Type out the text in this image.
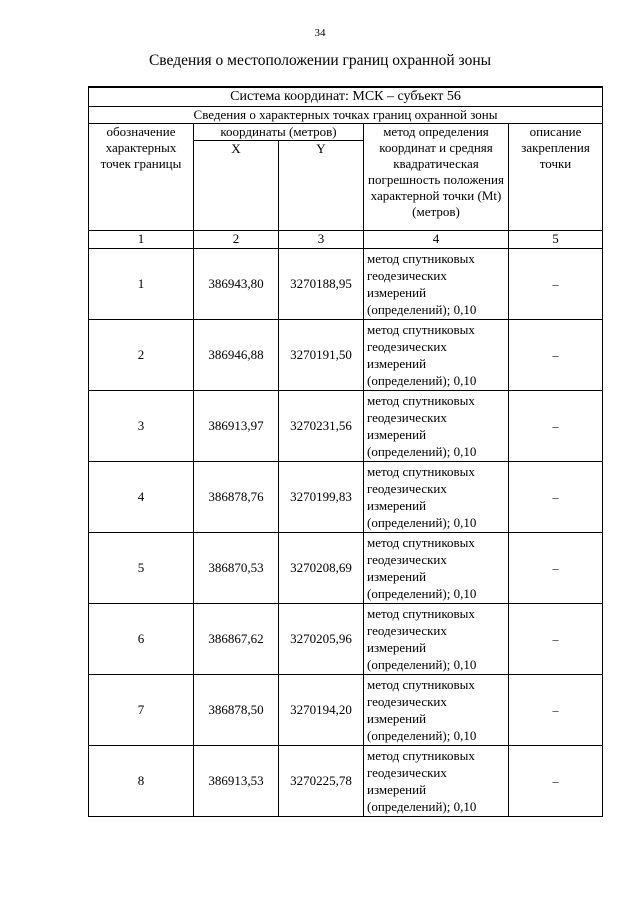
34
Сведения о местоположении границ охранной зоны
Система координат: МСК – субъект 56				
Сведения о характерных точках границ охранной зоны				
обозначение характерных точек границы	координаты (метров)		метод определения координат и средняя квадратическая погрешность положения характерной точки (Mt) (метров)	описание закрепления точки
	X	Y		
1	2	3	4	5
1	386943,80	3270188,95	метод спутниковых геодезических измерений (определений); 0,10	–
2	386946,88	3270191,50	метод спутниковых геодезических измерений (определений); 0,10	–
3	386913,97	3270231,56	метод спутниковых геодезических измерений (определений); 0,10	–
4	386878,76	3270199,83	метод спутниковых геодезических измерений (определений); 0,10	–
5	386870,53	3270208,69	метод спутниковых геодезических измерений (определений); 0,10	–
6	386867,62	3270205,96	метод спутниковых геодезических измерений (определений); 0,10	–
7	386878,50	3270194,20	метод спутниковых геодезических измерений (определений); 0,10	–
8	386913,53	3270225,78	метод спутниковых геодезических измерений (определений); 0,10	–
